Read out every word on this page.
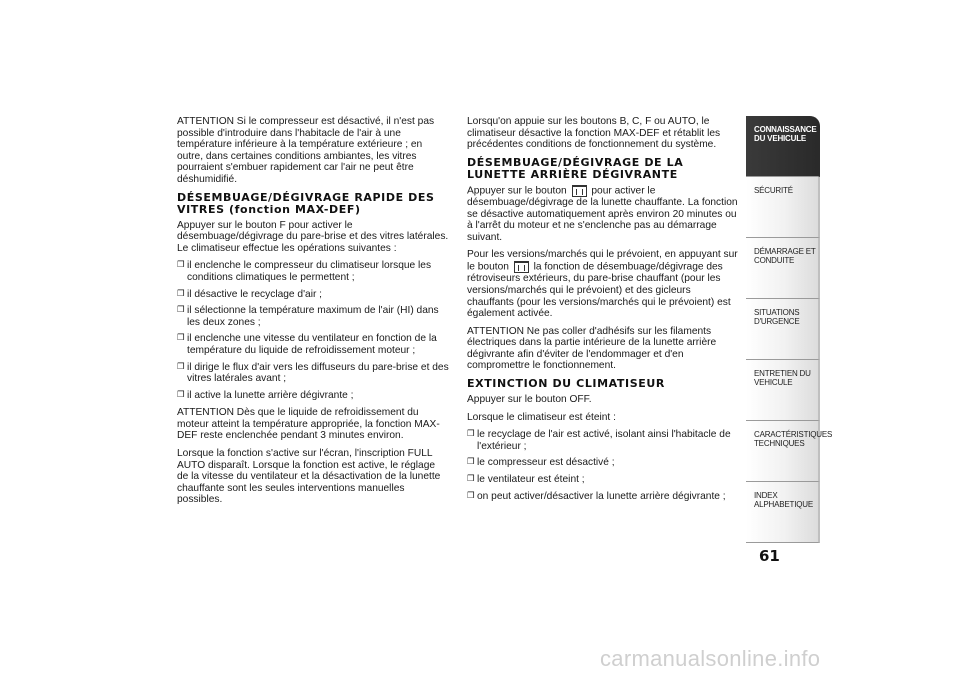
ATTENTION Si le compresseur est désactivé, il n'est pas possible d'introduire dans l'habitacle de l'air à une température inférieure à la température extérieure ; en outre, dans certaines conditions ambiantes, les vitres pourraient s'embuer rapidement car l'air ne peut être déshumidifié.

DÉSEMBUAGE/DÉGIVRAGE RAPIDE DES VITRES (fonction MAX-DEF)

Appuyer sur le bouton F pour activer le désembuage/dégivrage du pare-brise et des vitres latérales. Le climatiseur effectue les opérations suivantes :

❒ il enclenche le compresseur du climatiseur lorsque les conditions climatiques le permettent ;
❒ il désactive le recyclage d'air ;
❒ il sélectionne la température maximum de l'air (HI) dans les deux zones ;
❒ il enclenche une vitesse du ventilateur en fonction de la température du liquide de refroidissement moteur ;
❒ il dirige le flux d'air vers les diffuseurs du pare-brise et des vitres latérales avant ;
❒ il active la lunette arrière dégivrante ;

ATTENTION Dès que le liquide de refroidissement du moteur atteint la température appropriée, la fonction MAX-DEF reste enclenchée pendant 3 minutes environ.

Lorsque la fonction s'active sur l'écran, l'inscription FULL AUTO disparaît. Lorsque la fonction est active, le réglage de la vitesse du ventilateur et la désactivation de la lunette chauffante sont les seules interventions manuelles possibles.

Lorsqu'on appuie sur les boutons B, C, F ou AUTO, le climatiseur désactive la fonction MAX-DEF et rétablit les précédentes conditions de fonctionnement du système.

DÉSEMBUAGE/DÉGIVRAGE DE LA LUNETTE ARRIÈRE DÉGIVRANTE

Appuyer sur le bouton pour activer le désembuage/dégivrage de la lunette chauffante. La fonction se désactive automatiquement après environ 20 minutes ou à l'arrêt du moteur et ne s'enclenche pas au démarrage suivant.

Pour les versions/marchés qui le prévoient, en appuyant sur le bouton la fonction de désembuage/dégivrage des rétroviseurs extérieurs, du pare-brise chauffant (pour les versions/marchés qui le prévoient) et des gicleurs chauffants (pour les versions/marchés qui le prévoient) est également activée.

ATTENTION Ne pas coller d'adhésifs sur les filaments électriques dans la partie intérieure de la lunette arrière dégivrante afin d'éviter de l'endommager et d'en compromettre le fonctionnement.

EXTINCTION DU CLIMATISEUR

Appuyer sur le bouton OFF.

Lorsque le climatiseur est éteint :

❒ le recyclage de l'air est activé, isolant ainsi l'habitacle de l'extérieur ;
❒ le compresseur est désactivé ;
❒ le ventilateur est éteint ;
❒ on peut activer/désactiver la lunette arrière dégivrante ;
CONNAISSANCE
DU VEHICULE
SÉCURITÉ
DÉMARRAGE ET
CONDUITE
SITUATIONS
D'URGENCE
ENTRETIEN DU
VEHICULE
CARACTÉRISTIQUES
TECHNIQUES
INDEX
ALPHABETIQUE
61
carmanualsonline.info
